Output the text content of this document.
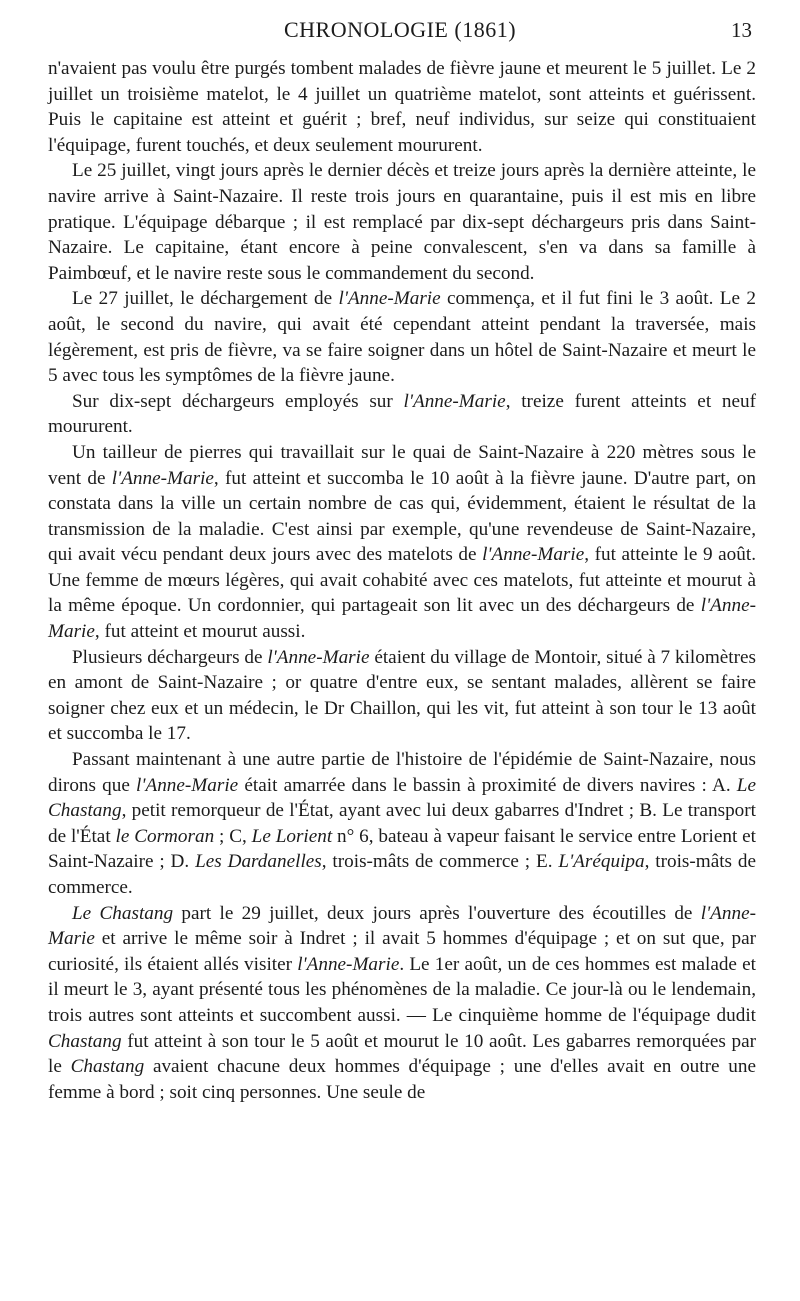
CHRONOLOGIE (1861)	13

n'avaient pas voulu être purgés tombent malades de fièvre jaune et meurent le 5 juillet. Le 2 juillet un troisième matelot, le 4 juillet un quatrième matelot, sont atteints et guérissent. Puis le capitaine est atteint et guérit ; bref, neuf individus, sur seize qui constituaient l'équipage, furent touchés, et deux seulement moururent.

Le 25 juillet, vingt jours après le dernier décès et treize jours après la dernière atteinte, le navire arrive à Saint-Nazaire. Il reste trois jours en quarantaine, puis il est mis en libre pratique. L'équipage débarque ; il est remplacé par dix-sept déchargeurs pris dans Saint-Nazaire. Le capitaine, étant encore à peine convalescent, s'en va dans sa famille à Paimbœuf, et le navire reste sous le commandement du second.

Le 27 juillet, le déchargement de l'Anne-Marie commença, et il fut fini le 3 août. Le 2 août, le second du navire, qui avait été cependant atteint pendant la traversée, mais légèrement, est pris de fièvre, va se faire soigner dans un hôtel de Saint-Nazaire et meurt le 5 avec tous les symptômes de la fièvre jaune.

Sur dix-sept déchargeurs employés sur l'Anne-Marie, treize furent atteints et neuf moururent.

Un tailleur de pierres qui travaillait sur le quai de Saint-Nazaire à 220 mètres sous le vent de l'Anne-Marie, fut atteint et succomba le 10 août à la fièvre jaune. D'autre part, on constata dans la ville un certain nombre de cas qui, évidemment, étaient le résultat de la transmission de la maladie. C'est ainsi par exemple, qu'une revendeuse de Saint-Nazaire, qui avait vécu pendant deux jours avec des matelots de l'Anne-Marie, fut atteinte le 9 août. Une femme de mœurs légères, qui avait cohabité avec ces matelots, fut atteinte et mourut à la même époque. Un cordonnier, qui partageait son lit avec un des déchargeurs de l'Anne-Marie, fut atteint et mourut aussi.

Plusieurs déchargeurs de l'Anne-Marie étaient du village de Montoir, situé à 7 kilomètres en amont de Saint-Nazaire ; or quatre d'entre eux, se sentant malades, allèrent se faire soigner chez eux et un médecin, le Dr Chaillon, qui les vit, fut atteint à son tour le 13 août et succomba le 17.

Passant maintenant à une autre partie de l'histoire de l'épidémie de Saint-Nazaire, nous dirons que l'Anne-Marie était amarrée dans le bassin à proximité de divers navires : A. Le Chastang, petit remorqueur de l'État, ayant avec lui deux gabarres d'Indret ; B. Le transport de l'État le Cormoran ; C, Le Lorient n° 6, bateau à vapeur faisant le service entre Lorient et Saint-Nazaire ; D. Les Dardanelles, trois-mâts de commerce ; E. L'Aréquipa, trois-mâts de commerce.

Le Chastang part le 29 juillet, deux jours après l'ouverture des écoutilles de l'Anne-Marie et arrive le même soir à Indret ; il avait 5 hommes d'équipage ; et on sut que, par curiosité, ils étaient allés visiter l'Anne-Marie. Le 1er août, un de ces hommes est malade et il meurt le 3, ayant présenté tous les phénomènes de la maladie. Ce jour-là ou le lendemain, trois autres sont atteints et succombent aussi. — Le cinquième homme de l'équipage dudit Chastang fut atteint à son tour le 5 août et mourut le 10 août. Les gabarres remorquées par le Chastang avaient chacune deux hommes d'équipage ; une d'elles avait en outre une femme à bord ; soit cinq personnes. Une seule de
